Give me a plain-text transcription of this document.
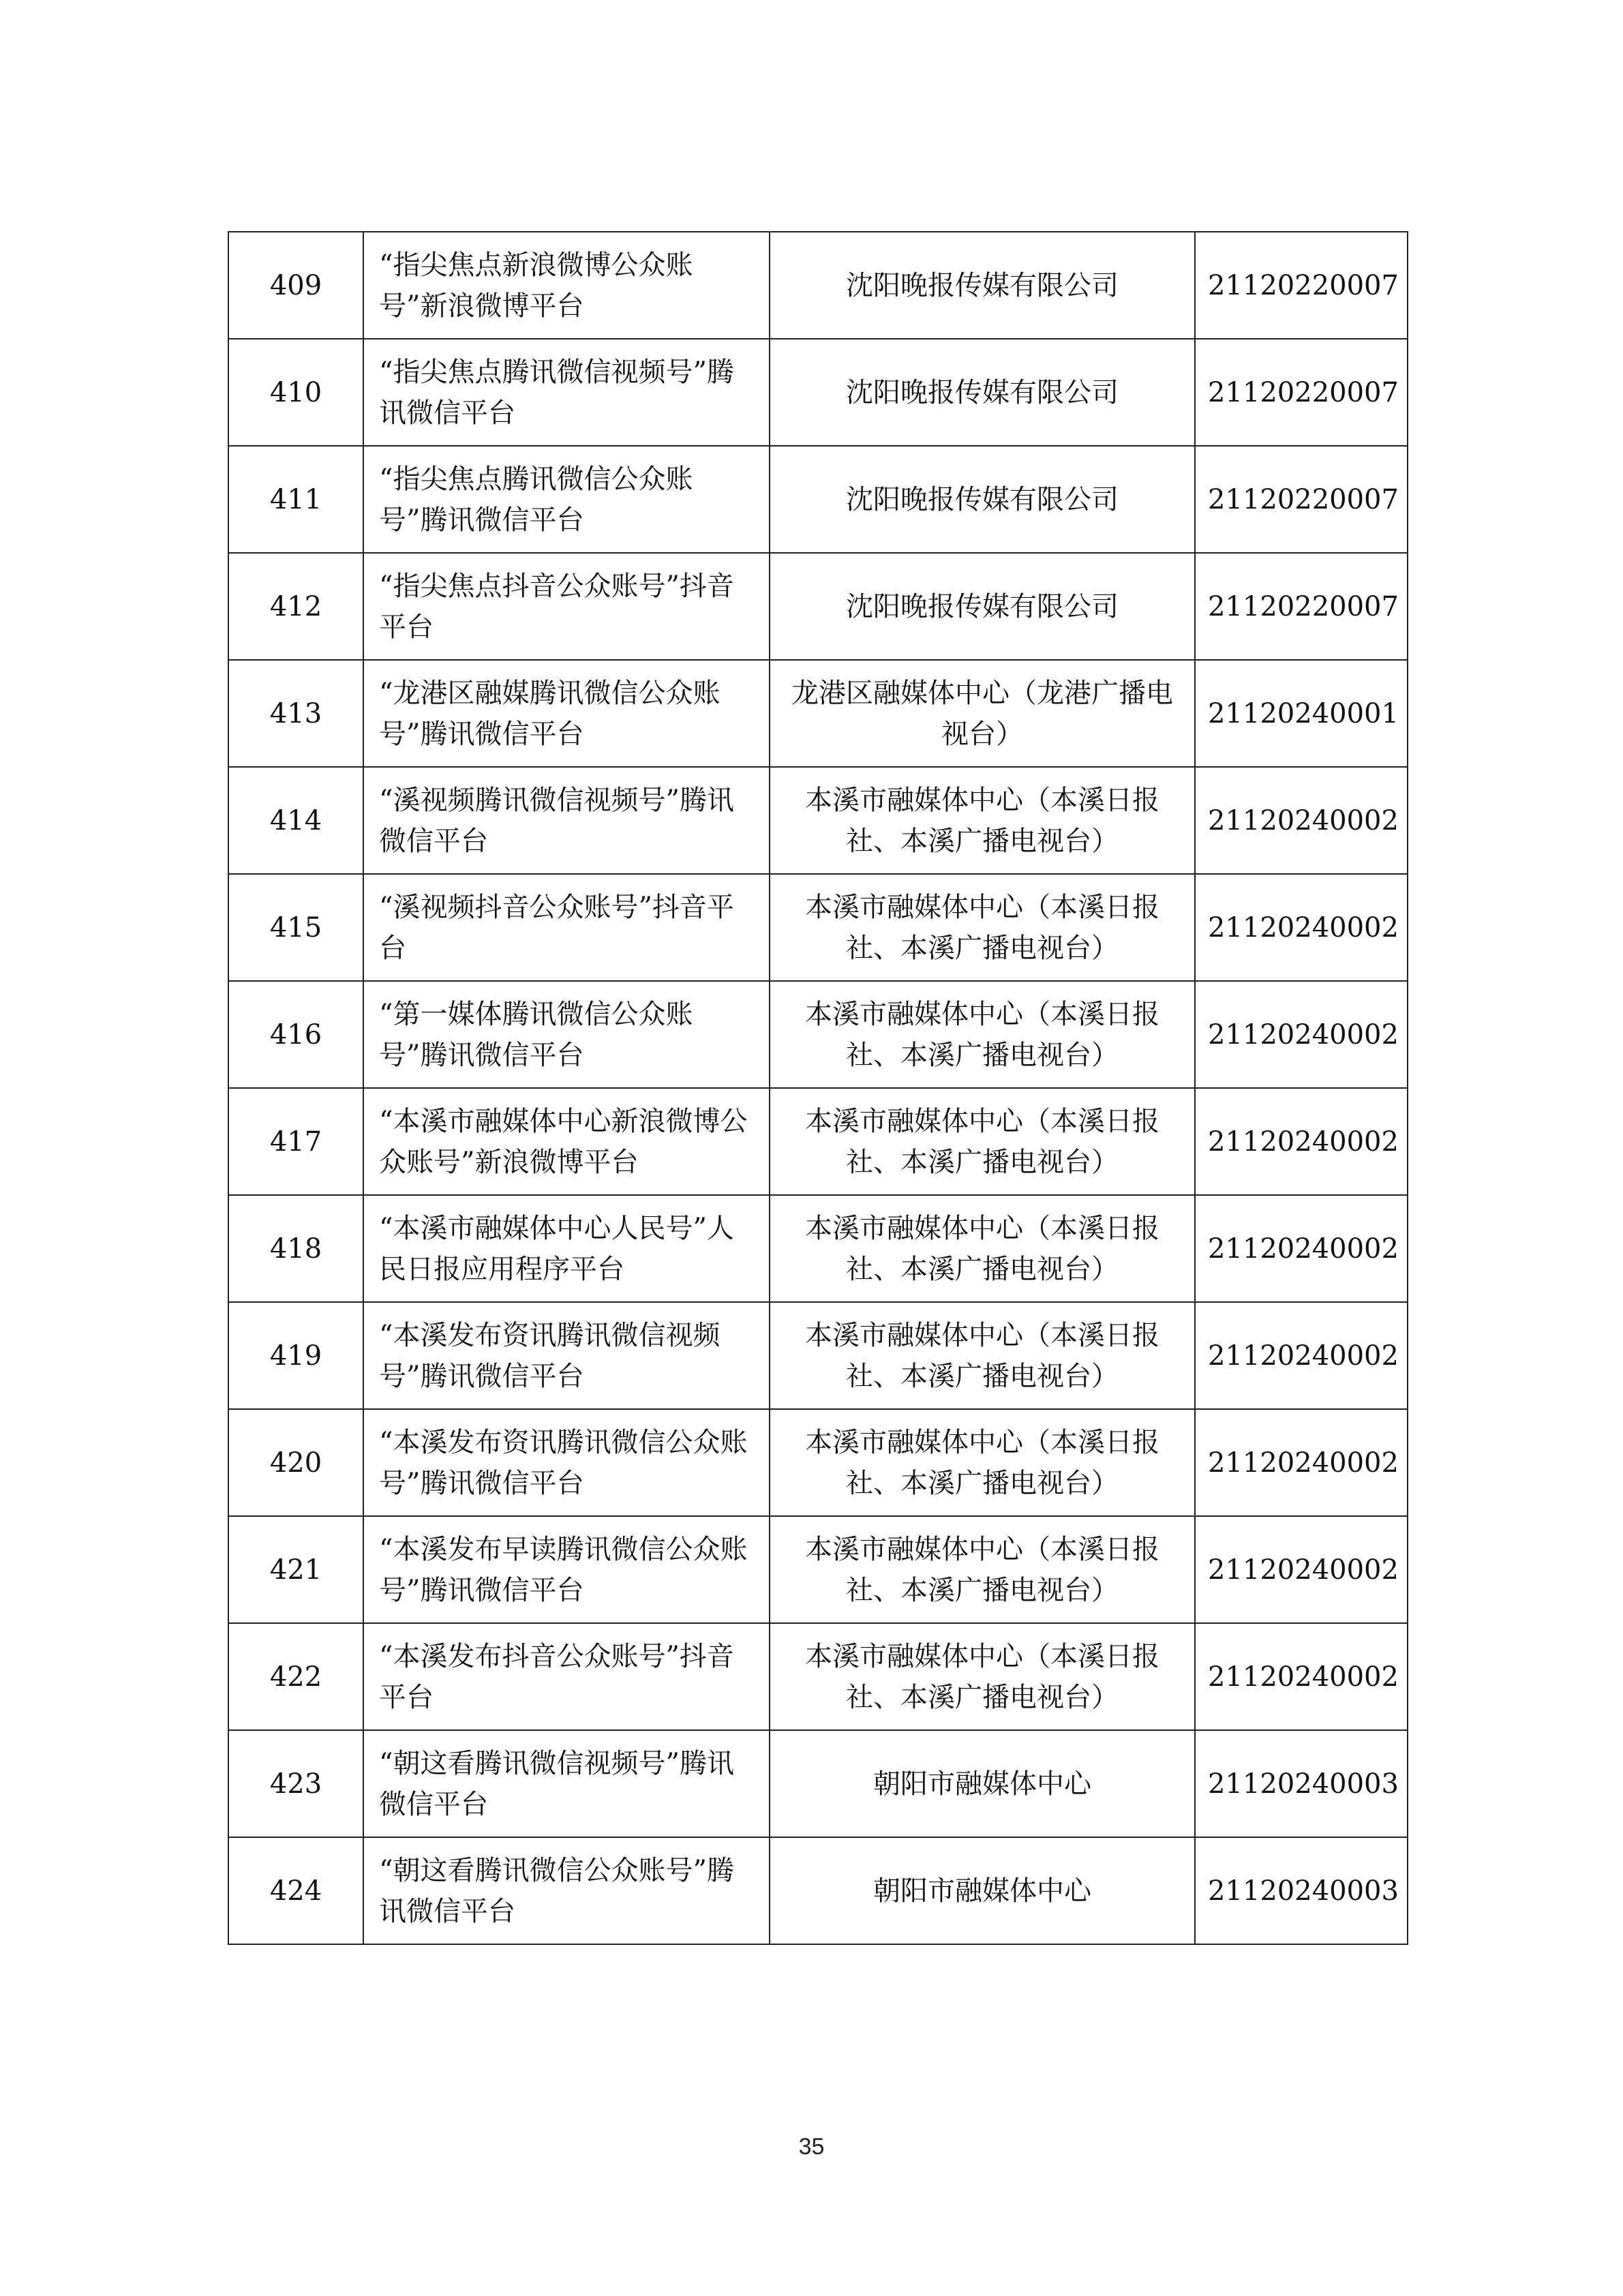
409	“指尖焦点新浪微博公众账号”新浪微博平台	沈阳晚报传媒有限公司	21120220007
410	“指尖焦点腾讯微信视频号”腾讯微信平台	沈阳晚报传媒有限公司	21120220007
411	“指尖焦点腾讯微信公众账号”腾讯微信平台	沈阳晚报传媒有限公司	21120220007
412	“指尖焦点抖音公众账号”抖音平台	沈阳晚报传媒有限公司	21120220007
413	“龙港区融媒腾讯微信公众账号”腾讯微信平台	龙港区融媒体中心（龙港广播电视台）	21120240001
414	“溪视频腾讯微信视频号”腾讯微信平台	本溪市融媒体中心（本溪日报社、本溪广播电视台）	21120240002
415	“溪视频抖音公众账号”抖音平台	本溪市融媒体中心（本溪日报社、本溪广播电视台）	21120240002
416	“第一媒体腾讯微信公众账号”腾讯微信平台	本溪市融媒体中心（本溪日报社、本溪广播电视台）	21120240002
417	“本溪市融媒体中心新浪微博公众账号”新浪微博平台	本溪市融媒体中心（本溪日报社、本溪广播电视台）	21120240002
418	“本溪市融媒体中心人民号”人民日报应用程序平台	本溪市融媒体中心（本溪日报社、本溪广播电视台）	21120240002
419	“本溪发布资讯腾讯微信视频号”腾讯微信平台	本溪市融媒体中心（本溪日报社、本溪广播电视台）	21120240002
420	“本溪发布资讯腾讯微信公众账号”腾讯微信平台	本溪市融媒体中心（本溪日报社、本溪广播电视台）	21120240002
421	“本溪发布早读腾讯微信公众账号”腾讯微信平台	本溪市融媒体中心（本溪日报社、本溪广播电视台）	21120240002
422	“本溪发布抖音公众账号”抖音平台	本溪市融媒体中心（本溪日报社、本溪广播电视台）	21120240002
423	“朝这看腾讯微信视频号”腾讯微信平台	朝阳市融媒体中心	21120240003
424	“朝这看腾讯微信公众账号”腾讯微信平台	朝阳市融媒体中心	21120240003
35
